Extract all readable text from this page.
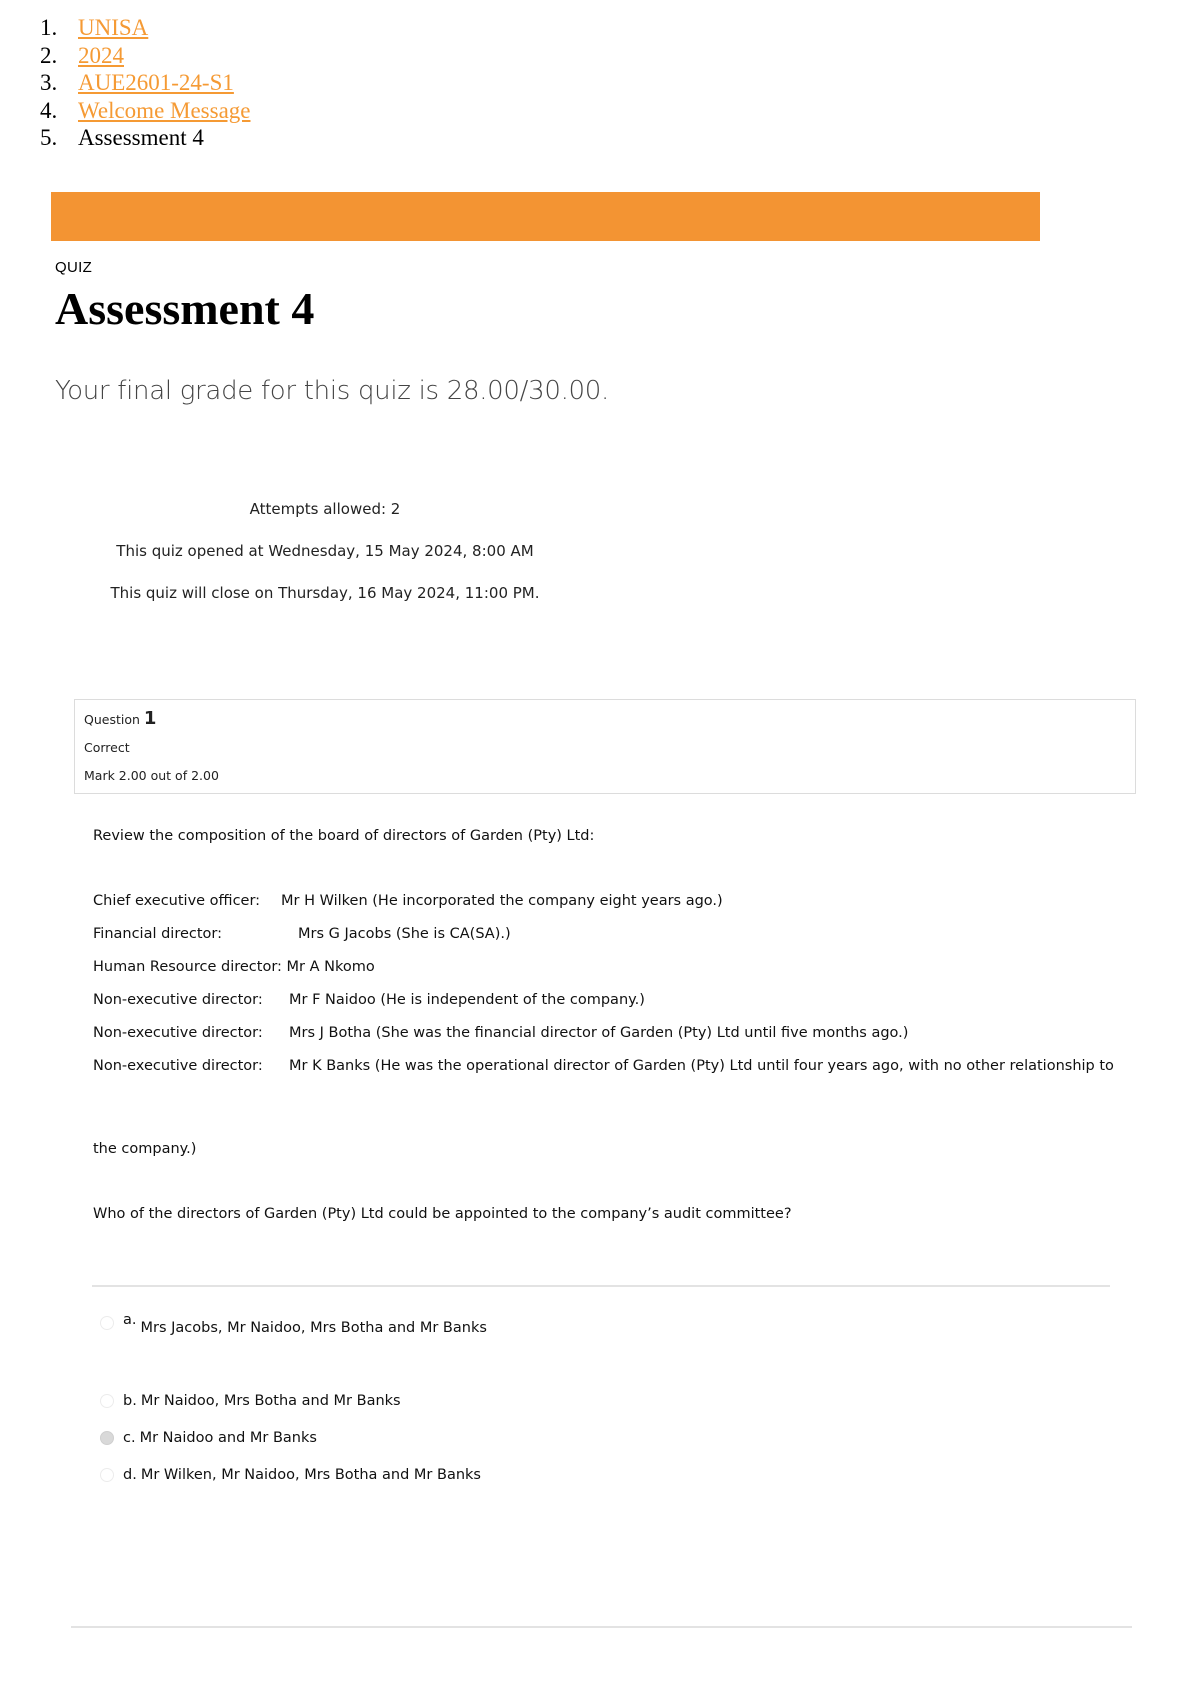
1. UNISA
2. 2024
3. AUE2601-24-S1
4. Welcome Message
5. Assessment 4
QUIZ
Assessment 4
Your final grade for this quiz is 28.00/30.00.
Attempts allowed: 2
This quiz opened at Wednesday, 15 May 2024, 8:00 AM
This quiz will close on Thursday, 16 May 2024, 11:00 PM.
Question 1
Correct
Mark 2.00 out of 2.00
Review the composition of the board of directors of Garden (Pty) Ltd:
Chief executive officer: Mr H Wilken (He incorporated the company eight years ago.)
Financial director:	Mrs G Jacobs (She is CA(SA).)
Human Resource director: Mr A Nkomo
Non-executive director: Mr F Naidoo (He is independent of the company.)
Non-executive director: Mrs J Botha (She was the financial director of Garden (Pty) Ltd until five months ago.)
Non-executive director: Mr K Banks (He was the operational director of Garden (Pty) Ltd until four years ago, with no other relationship to
the company.)
Who of the directors of Garden (Pty) Ltd could be appointed to the company’s audit committee?
a. Mrs Jacobs, Mr Naidoo, Mrs Botha and Mr Banks
b. Mr Naidoo, Mrs Botha and Mr Banks
c. Mr Naidoo and Mr Banks
d. Mr Wilken, Mr Naidoo, Mrs Botha and Mr Banks
